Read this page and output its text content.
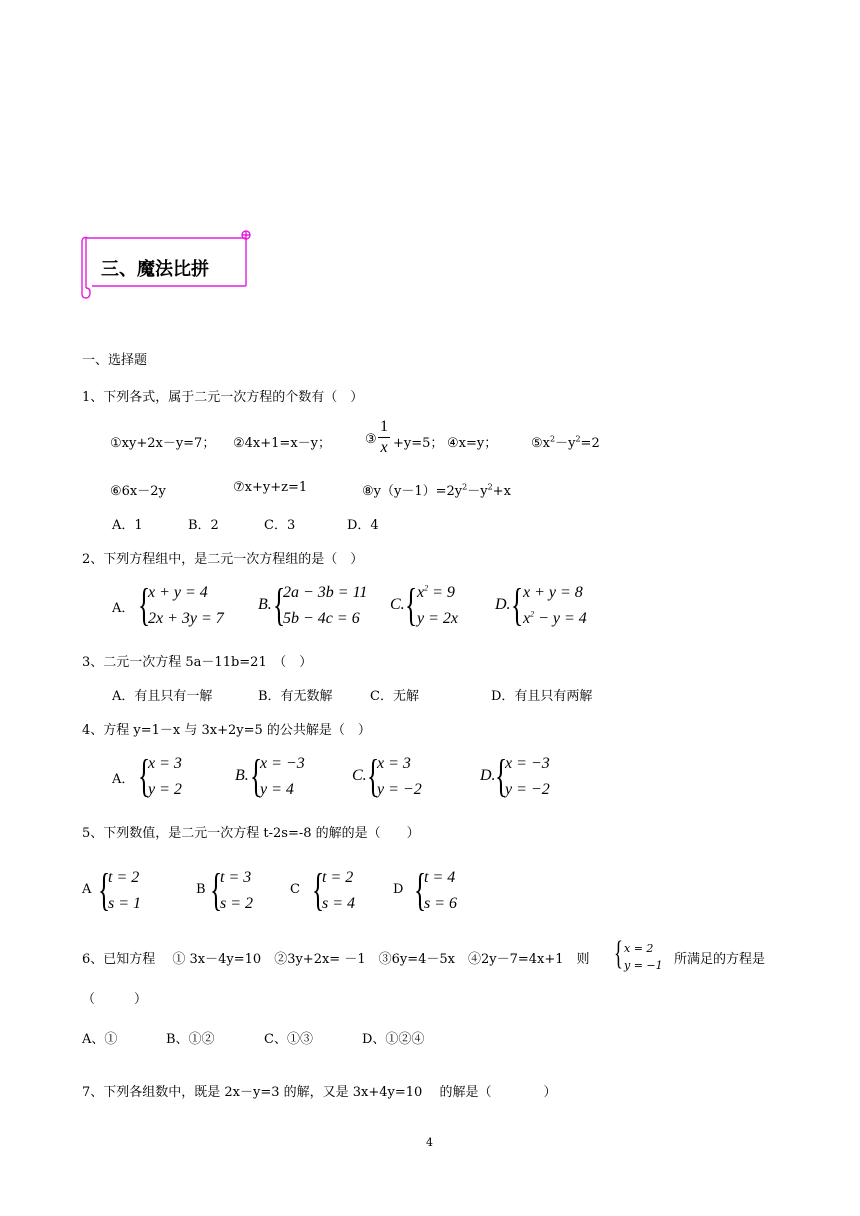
三、魔法比拼
一、选择题
1、下列各式，属于二元一次方程的个数有（　）
①xy+2x－y=7； ②4x+1=x－y；	③
1
x +y=5； ④x=y；	$⑤x^2-y^2=2$
⑥6x－2y	⑦x+y+z=1	$⑧y(y-1)=2y^2-y^2+x$
A．1	B．2	C．3	D．4
2、下列方程组中，是二元一次方程组的是（　）
A． {
x + y = 4
2x + 3y = 7
B. {
2a − 3b = 11
5b − 4c = 6
C. { $x^2 = 9$
y = 2x
D. { x + y = 8
$x^2 - y = 4$
3、二元一次方程 5a－11b=21　（　）
A．有且只有一解	B．有无数解	C．无解	D．有且只有两解
4、方程 y=1－x 与 3x+2y=5 的公共解是（　）
A． {
x = 3
y = 2
B. {
x = −3
y = 4
C. {
x = 3
y = −2
D. {
x = −3
y = −2
5、下列数值，是二元一次方程 t-2s=-8 的解的是（　　）
A {
t = 2
s = 1
B {
t = 3
s = 2
C {
t = 2
s = 4
D {
t = 4
s = 6
6、已知方程　 ① 3x－4y=10　②3y+2x= －1　③6y=4－5x　④2y－7=4x+1　则 { x = 2
y = −1 所满足的方程是
（　　　）
A、①	B、①②	C、①③	D、①②④
7、下列各组数中，既是 2x－y=3 的解，又是 3x+4y=10　 的解是（　　　　）
4
